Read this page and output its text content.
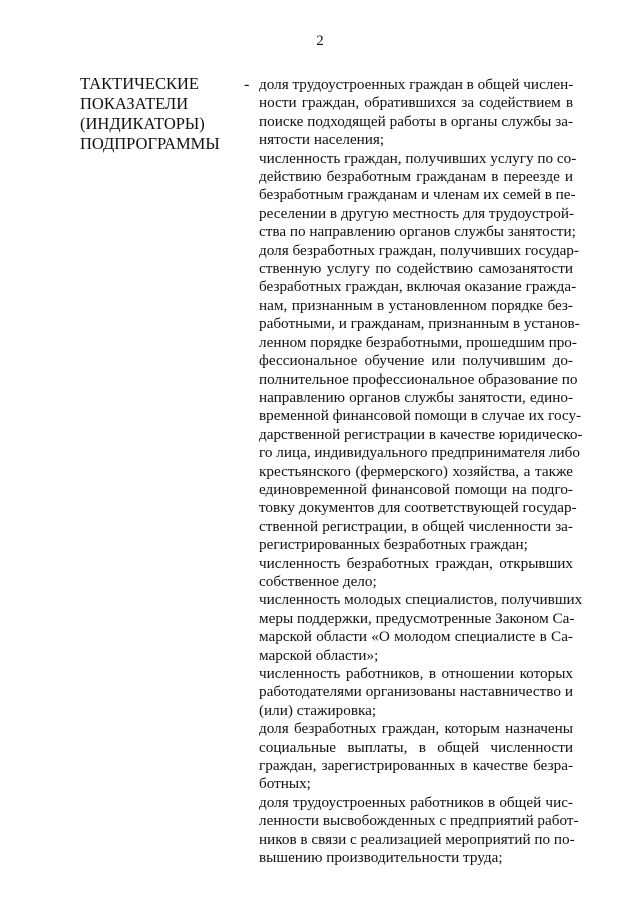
2
ТАКТИЧЕСКИЕ
ПОКАЗАТЕЛИ
(ИНДИКАТОРЫ)
ПОДПРОГРАММЫ
- доля трудоустроенных граждан в общей числен-
ности граждан, обратившихся за содействием в
поиске подходящей работы в органы службы за-
нятости населения;
численность граждан, получивших услугу по со-
действию безработным гражданам в переезде и
безработным гражданам и членам их семей в пе-
реселении в другую местность для трудоустрой-
ства по направлению органов службы занятости;
доля безработных граждан, получивших государ-
ственную услугу по содействию самозанятости
безработных граждан, включая оказание гражда-
нам, признанным в установленном порядке без-
работными, и гражданам, признанным в установ-
ленном порядке безработными, прошедшим про-
фессиональное обучение или получившим до-
полнительное профессиональное образование по
направлению органов службы занятости, едино-
временной финансовой помощи в случае их госу-
дарственной регистрации в качестве юридическо-
го лица, индивидуального предпринимателя либо
крестьянского (фермерского) хозяйства, а также
единовременной финансовой помощи на подго-
товку документов для соответствующей государ-
ственной регистрации, в общей численности за-
регистрированных безработных граждан;
численность безработных граждан, открывших
собственное дело;
численность молодых специалистов, получивших
меры поддержки, предусмотренные Законом Са-
марской области «О молодом специалисте в Са-
марской области»;
численность работников, в отношении которых
работодателями организованы наставничество и
(или) стажировка;
доля безработных граждан, которым назначены
социальные выплаты, в общей численности
граждан, зарегистрированных в качестве безра-
ботных;
доля трудоустроенных работников в общей чис-
ленности высвобожденных с предприятий работ-
ников в связи с реализацией мероприятий по по-
вышению производительности труда;
